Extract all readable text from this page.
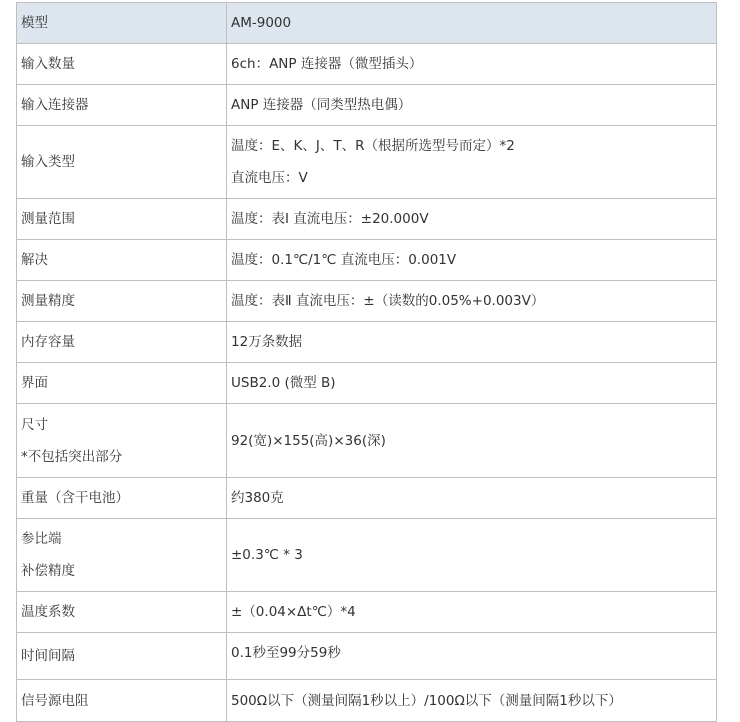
模型	AM-9000

输入数量	6ch：ANP 连接器（微型插头）

输入连接器	ANP 连接器（同类型热电偶）

输入类型	温度：E、K、J、T、R（根据所选型号而定）*2
直流电压：V

测量范围	温度：表Ⅰ 直流电压：±20.000V

解决	温度：0.1℃/1℃ 直流电压：0.001V

测量精度	温度：表Ⅱ 直流电压：±（读数的0.05%+0.003V）

内存容量	12万条数据

界面	USB2.0 (微型 B)

尺寸
*不包括突出部分	92(宽)×155(高)×36(深)

重量（含干电池）	约380克

参比端
补偿精度	±0.3℃ * 3

温度系数	±（0.04×Δt℃）*4

时间间隔	0.1秒至99分59秒

信号源电阻	500Ω以下（测量间隔1秒以上）/100Ω以下（测量间隔1秒以下）
